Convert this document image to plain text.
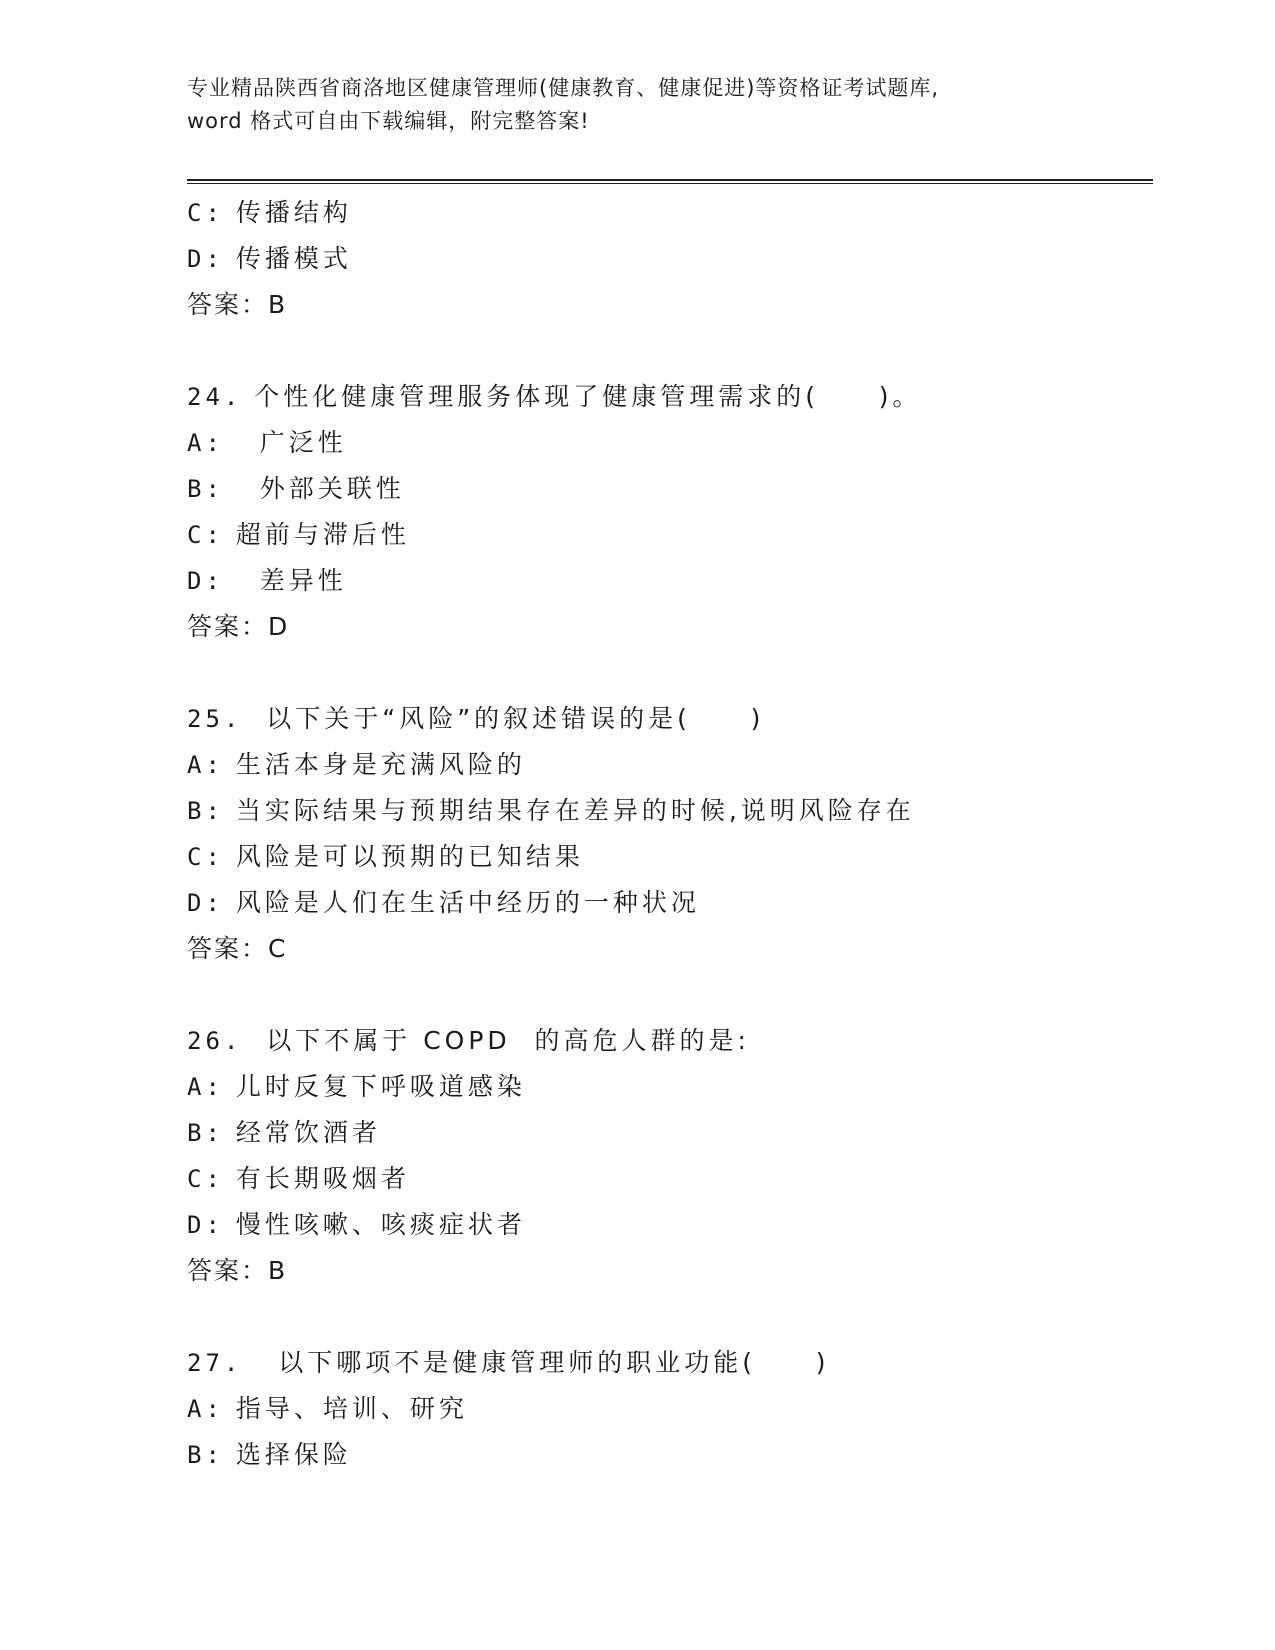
专业精品陕西省商洛地区健康管理师(健康教育、健康促进)等资格证考试题库,
word 格式可自由下载编辑，附完整答案!
C: 传播结构
D: 传播模式
答案：B
24. 个性化健康管理服务体现了健康管理需求的(     )。
A:   广泛性
B:   外部关联性
C: 超前与滞后性
D:   差异性
答案：D
25.  以下关于“风险”的叙述错误的是(     )
A: 生活本身是充满风险的
B: 当实际结果与预期结果存在差异的时候,说明风险存在
C: 风险是可以预期的已知结果
D: 风险是人们在生活中经历的一种状况
答案：C
26.  以下不属于 COPD  的高危人群的是:
A: 儿时反复下呼吸道感染
B: 经常饮酒者
C: 有长期吸烟者
D: 慢性咳嗽、咳痰症状者
答案：B
27.   以下哪项不是健康管理师的职业功能(     )
A: 指导、培训、研究
B: 选择保险
